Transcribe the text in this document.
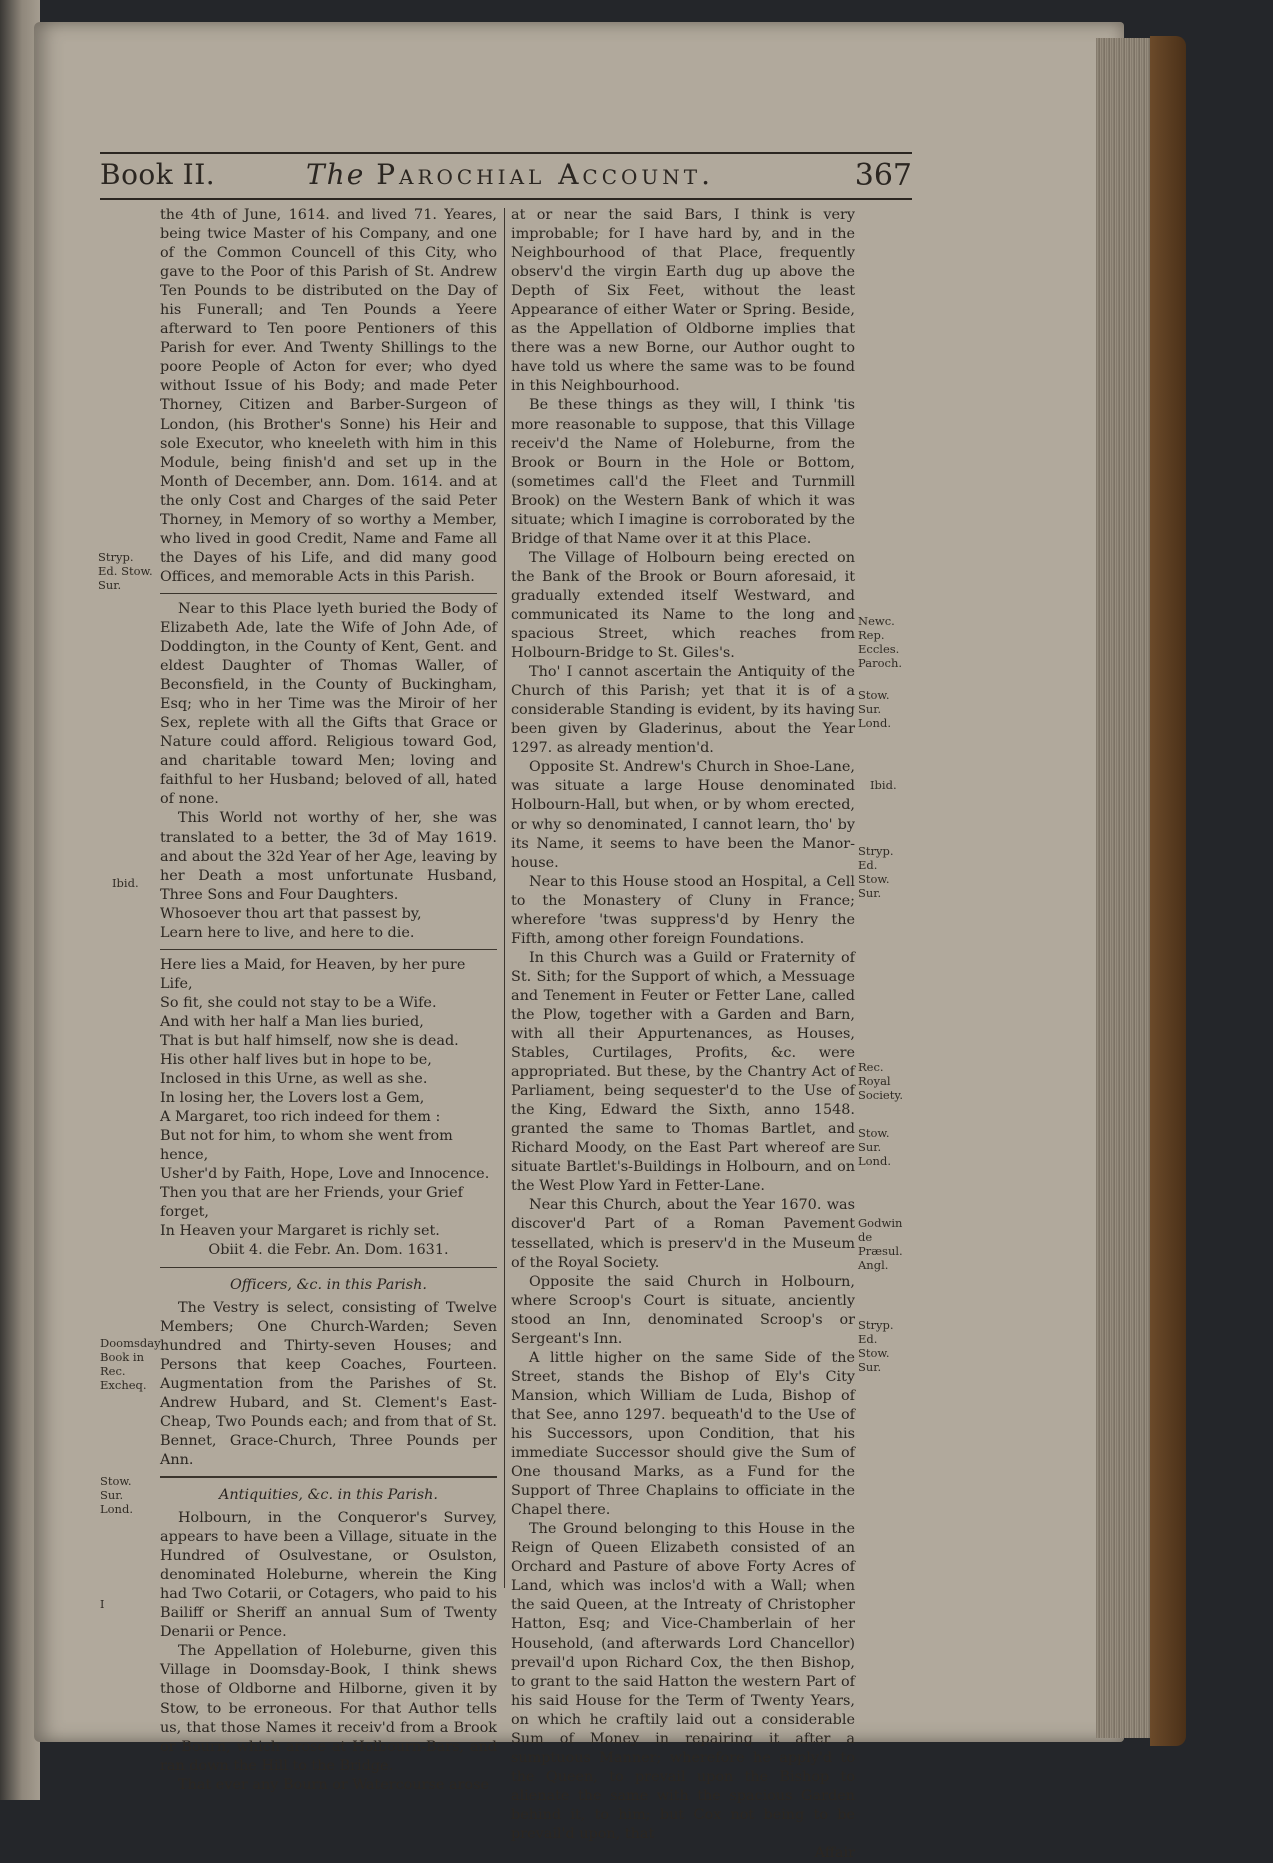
Book II.	The Parochial Account.	367

the 4th of June, 1614. and lived 71. Yeares, being twice Master of his Company, and one of the Common Councell of this City, who gave to the Poor of this Parish of St. Andrew Ten Pounds to be distributed on the Day of his Funerall; and Ten Pounds a Yeere afterward to Ten poore Pentioners of this Parish for ever. And Twenty Shillings to the poore People of Acton for ever; who dyed without Issue of his Body; and made Peter Thorney, Citizen and Barber-Surgeon of London, (his Brother's Sonne) his Heir and sole Executor, who kneeleth with him in this Module, being finish'd and set up in the Month of December, ann. Dom. 1614. and at the only Cost and Charges of the said Peter Thorney, in Memory of so worthy a Member, who lived in good Credit, Name and Fame all the Dayes of his Life, and did many good Offices, and memorable Acts in this Parish.

Near to this Place lyeth buried the Body of Elizabeth Ade, late the Wife of John Ade, of Doddington, in the County of Kent, Gent. and eldest Daughter of Thomas Waller, of Beconsfield, in the County of Buckingham, Esq; who in her Time was the Miroir of her Sex, replete with all the Gifts that Grace or Nature could afford. Religious toward God, and charitable toward Men; loving and faithful to her Husband; beloved of all, hated of none.

This World not worthy of her, she was translated to a better, the 3d of May 1619. and about the 32d Year of her Age, leaving by her Death a most unfortunate Husband, Three Sons and Four Daughters.

Whosoever thou art that passest by,

Learn here to live, and here to die.

Here lies a Maid, for Heaven, by her pure Life,

So fit, she could not stay to be a Wife.

And with her half a Man lies buried,

That is but half himself, now she is dead.

His other half lives but in hope to be,

Inclosed in this Urne, as well as she.

In losing her, the Lovers lost a Gem,

A Margaret, too rich indeed for them :

But not for him, to whom she went from hence,

Usher'd by Faith, Hope, Love and Innocence.

Then you that are her Friends, your Grief forget,

In Heaven your Margaret is richly set.

Obiit 4. die Febr. An. Dom. 1631.

Officers, &c. in this Parish.

The Vestry is select, consisting of Twelve Members; One Church-Warden; Seven hundred and Thirty-seven Houses; and Persons that keep Coaches, Fourteen. Augmentation from the Parishes of St. Andrew Hubard, and St. Clement's East-Cheap, Two Pounds each; and from that of St. Bennet, Grace-Church, Three Pounds per Ann.

Antiquities, &c. in this Parish.

Holbourn, in the Conqueror's Survey, appears to have been a Village, situate in the Hundred of Osulvestane, or Osulston, denominated Holeburne, wherein the King had Two Cotarii, or Cotagers, who paid to his Bailiff or Sheriff an annual Sum of Twenty Denarii or Pence.

The Appellation of Holeburne, given this Village in Doomsday-Book, I think shews those of Oldborne and Hilborne, given it by Stow, to be erroneous. For that Author tells us, that those Names it receiv'd from a Brook or Bourn, which arose at Holbourn-Bars, and ran down the Hill to the Bridge.

That ever any Bourn or Watercourse arose

at or near the said Bars, I think is very improbable; for I have hard by, and in the Neighbourhood of that Place, frequently observ'd the virgin Earth dug up above the Depth of Six Feet, without the least Appearance of either Water or Spring. Beside, as the Appellation of Oldborne implies that there was a new Borne, our Author ought to have told us where the same was to be found in this Neighbourhood.

Be these things as they will, I think 'tis more reasonable to suppose, that this Village receiv'd the Name of Holeburne, from the Brook or Bourn in the Hole or Bottom, (sometimes call'd the Fleet and Turnmill Brook) on the Western Bank of which it was situate; which I imagine is corroborated by the Bridge of that Name over it at this Place.

The Village of Holbourn being erected on the Bank of the Brook or Bourn aforesaid, it gradually extended itself Westward, and communicated its Name to the long and spacious Street, which reaches from Holbourn-Bridge to St. Giles's.

Tho' I cannot ascertain the Antiquity of the Church of this Parish; yet that it is of a considerable Standing is evident, by its having been given by Gladerinus, about the Year 1297. as already mention'd.

Opposite St. Andrew's Church in Shoe-Lane, was situate a large House denominated Holbourn-Hall, but when, or by whom erected, or why so denominated, I cannot learn, tho' by its Name, it seems to have been the Manor-house.

Near to this House stood an Hospital, a Cell to the Monastery of Cluny in France; wherefore 'twas suppress'd by Henry the Fifth, among other foreign Foundations.

In this Church was a Guild or Fraternity of St. Sith; for the Support of which, a Messuage and Tenement in Feuter or Fetter Lane, called the Plow, together with a Garden and Barn, with all their Appurtenances, as Houses, Stables, Curtilages, Profits, &c. were appropriated. But these, by the Chantry Act of Parliament, being sequester'd to the Use of the King, Edward the Sixth, anno 1548. granted the same to Thomas Bartlet, and Richard Moody, on the East Part whereof are situate Bartlet's-Buildings in Holbourn, and on the West Plow Yard in Fetter-Lane.

Near this Church, about the Year 1670. was discover'd Part of a Roman Pavement tessellated, which is preserv'd in the Museum of the Royal Society.

Opposite the said Church in Holbourn, where Scroop's Court is situate, anciently stood an Inn, denominated Scroop's or Sergeant's Inn.

A little higher on the same Side of the Street, stands the Bishop of Ely's City Mansion, which William de Luda, Bishop of that See, anno 1297. bequeath'd to the Use of his Successors, upon Condition, that his immediate Successor should give the Sum of One thousand Marks, as a Fund for the Support of Three Chaplains to officiate in the Chapel there.

The Ground belonging to this House in the Reign of Queen Elizabeth consisted of an Orchard and Pasture of above Forty Acres of Land, which was inclos'd with a Wall; when the said Queen, at the Intreaty of Christopher Hatton, Esq; and Vice-Chamberlain of her Household, (and afterwards Lord Chancellor) prevail'd upon Richard Cox, the then Bishop, to grant to the said Hatton the western Part of his said House for the Term of Twenty Years, on which he craftily laid out a considerable Sum of Money in repairing it after a sumptuous Manner; wherefore he apply'd to the Queen, to prevail upon the Bishop to alienate the same with the spacious Garden behind it, to him; but Cox not being to be prevail'd upon, that

Affair

Stryp. Ed. Stow. Sur.
Ibid.
Doomsday Book in Rec. Exchеq.
Stow. Sur. Lond.
Newc. Rep. Eccles. Paroch.
Stow. Sur. Lond.
Ibid.
Stryp. Ed. Stow. Sur.
Rec. Royal Society.
Stow. Sur. Lond.
Godwin de Præsul. Angl.
Stryp. Ed. Stow. Sur.
I
